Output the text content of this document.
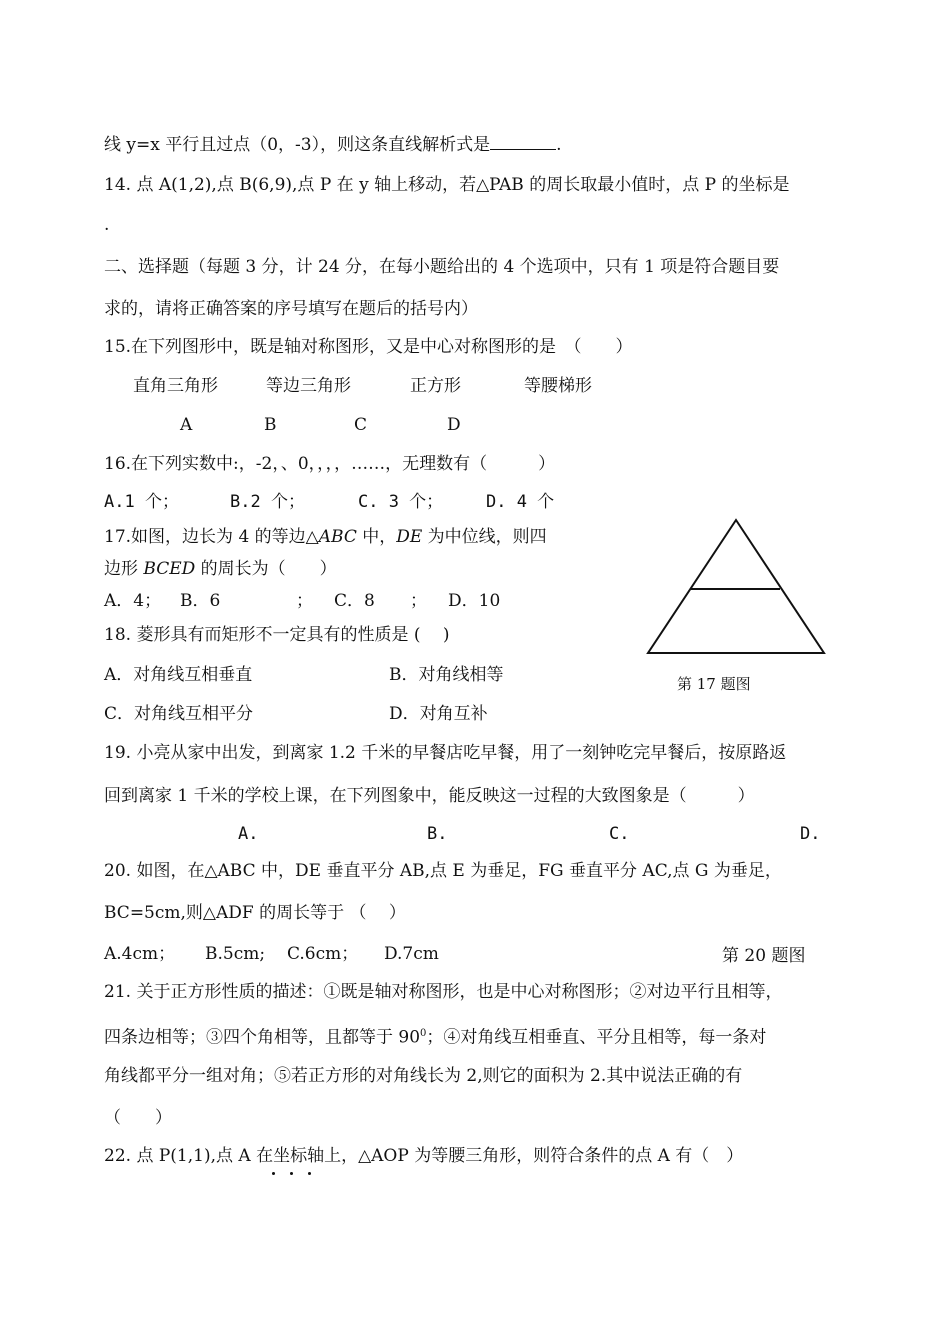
线 y=x 平行且过点（0，-3），则这条直线解析式是	.
14. 点 A(1,2),点 B(6,9),点 P 在 y 轴上移动，若△PAB 的周长取最小值时，点 P 的坐标是
.
二、选择题（每题 3 分，计 24 分，在每小题给出的 4 个选项中，只有 1 项是符合题目要
求的，请将正确答案的序号填写在题后的括号内）
15.在下列图形中，既是轴对称图形，又是中心对称图形的是　（　　）
直角三角形	等边三角形	正方形	等腰梯形
A	B	C	D
16.在下列实数中:，-2，、0，，，，……，无理数有（　　　）
A.1 个；	B.2 个；	C. 3 个；	D. 4 个
17.如图，边长为 4 的等边△ABC 中，DE 为中位线，则四
边形 BCED 的周长为（　　）
A．4； B．6	； C．8 ； D．10
第 17 题图
18. 菱形具有而矩形不一定具有的性质是 (　 )
A．对角线互相垂直	B．对角线相等
C．对角线互相平分	D．对角互补
19. 小亮从家中出发，到离家 1.2 千米的早餐店吃早餐，用了一刻钟吃完早餐后，按原路返
回到离家 1 千米的学校上课，在下列图象中，能反映这一过程的大致图象是（　　　）
A.	B.	C.	D.
20. 如图，在△ABC 中，DE 垂直平分 AB,点 E 为垂足，FG 垂直平分 AC,点 G 为垂足，
BC=5cm,则△ADF 的周长等于 （　 ）
A.4cm； B.5cm; C.6cm； D.7cm	第 20 题图
21. 关于正方形性质的描述：①既是轴对称图形，也是中心对称图形；②对边平行且相等，
四条边相等；③四个角相等，且都等于 $90^0$；④对角线互相垂直、平分且相等，每一条对
角线都平分一组对角；⑤若正方形的对角线长为 2,则它的面积为 2.其中说法正确的有
（　　）
22. 点 P(1,1),点 A 在坐标轴上，△AOP 为等腰三角形，则符合条件的点 A 有（　）
